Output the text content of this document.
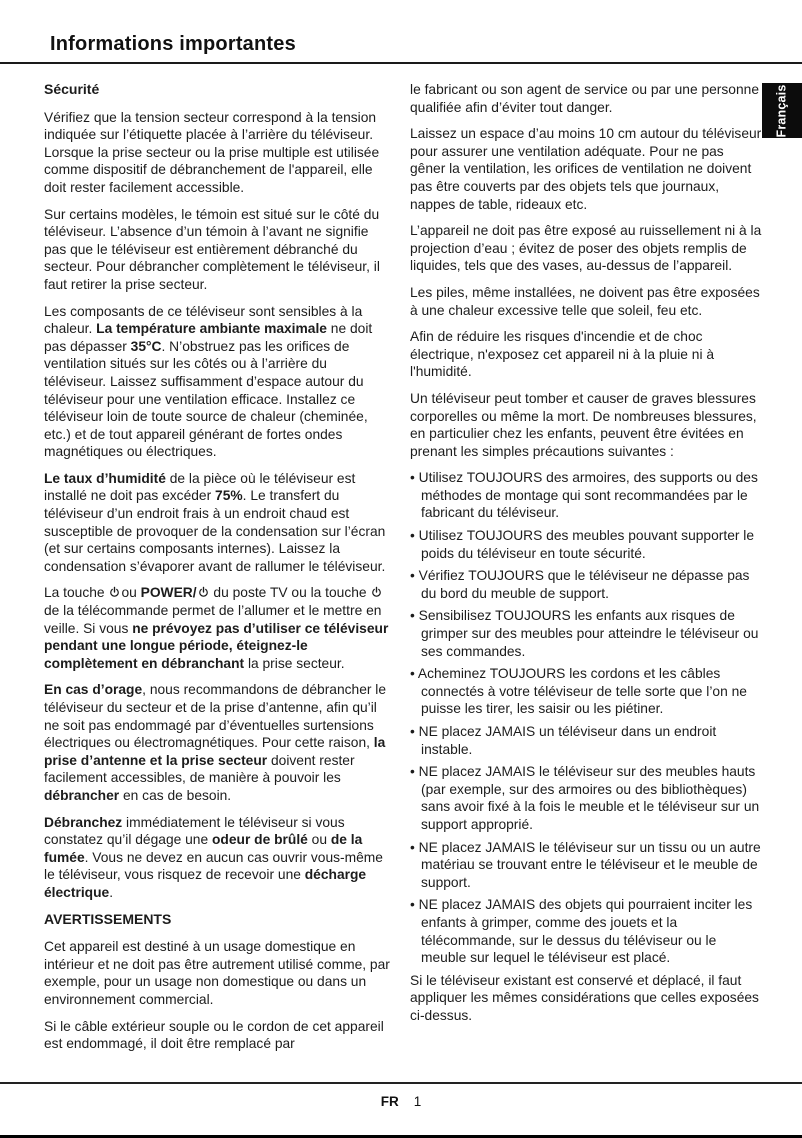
Informations importantes
Français
Sécurité
Vérifiez que la tension secteur correspond à la tension indiquée sur l’étiquette placée à l’arrière du téléviseur. Lorsque la prise secteur ou la prise multiple est utilisée comme dispositif de débranchement de l'appareil, elle doit rester facilement accessible.
Sur certains modèles, le témoin est situé sur le côté du téléviseur. L’absence d’un témoin à l’avant ne signifie pas que le téléviseur est entièrement débranché du secteur. Pour débrancher complètement le téléviseur, il faut retirer la prise secteur.
Les composants de ce téléviseur sont sensibles à la chaleur. La température ambiante maximale ne doit pas dépasser 35°C. N’obstruez pas les orifices de ventilation situés sur les côtés ou à l’arrière du téléviseur. Laissez suffisamment d’espace autour du téléviseur pour une ventilation efficace. Installez ce téléviseur loin de toute source de chaleur (cheminée, etc.) et de tout appareil générant de fortes ondes magnétiques ou électriques.
Le taux d’humidité de la pièce où le téléviseur est installé ne doit pas excéder 75%. Le transfert du téléviseur d’un endroit frais à un endroit chaud est susceptible de provoquer de la condensation sur l’écran (et sur certains composants internes). Laissez la condensation s’évaporer avant de rallumer le téléviseur.
La touche
ou POWER/
du poste TV ou la touche
de la télécommande permet de l’allumer et le mettre en veille. Si vous ne prévoyez pas d’utiliser ce téléviseur pendant une longue période, éteignez-le complètement en débranchant la prise secteur.
En cas d’orage, nous recommandons de débrancher le téléviseur du secteur et de la prise d’antenne, afin qu’il ne soit pas endommagé par d’éventuelles surtensions électriques ou électromagnétiques. Pour cette raison, la prise d’antenne et la prise secteur doivent rester facilement accessibles, de manière à pouvoir les débrancher en cas de besoin.
Débranchez immédiatement le téléviseur si vous constatez qu’il dégage une odeur de brûlé ou de la fumée. Vous ne devez en aucun cas ouvrir vous-même le téléviseur, vous risquez de recevoir une décharge électrique.
AVERTISSEMENTS
Cet appareil est destiné à un usage domestique en intérieur et ne doit pas être autrement utilisé comme, par exemple, pour un usage non domestique ou dans un environnement commercial.
Si le câble extérieur souple ou le cordon de cet appareil est endommagé, il doit être remplacé par
le fabricant ou son agent de service ou par une personne qualifiée afin d’éviter tout danger.
Laissez un espace d’au moins 10 cm autour du téléviseur pour assurer une ventilation adéquate. Pour ne pas gêner la ventilation, les orifices de ventilation ne doivent pas être couverts par des objets tels que journaux, nappes de table, rideaux etc.
L’appareil ne doit pas être exposé au ruissellement ni à la projection d’eau ; évitez de poser des objets remplis de liquides, tels que des vases, au-dessus de l’appareil.
Les piles, même installées, ne doivent pas être exposées à une chaleur excessive telle que soleil, feu etc.
Afin de réduire les risques d'incendie et de choc électrique, n'exposez cet appareil ni à la pluie ni à l'humidité.
Un téléviseur peut tomber et causer de graves blessures corporelles ou même la mort. De nombreuses blessures, en particulier chez les enfants, peuvent être évitées en prenant les simples précautions suivantes :
• Utilisez TOUJOURS des armoires, des supports ou des méthodes de montage qui sont recommandées par le fabricant du téléviseur.
• Utilisez TOUJOURS des meubles pouvant supporter le poids du téléviseur en toute sécurité.
• Vérifiez TOUJOURS que le téléviseur ne dépasse pas du bord du meuble de support.
• Sensibilisez TOUJOURS les enfants aux risques de grimper sur des meubles pour atteindre le téléviseur ou ses commandes.
• Acheminez TOUJOURS les cordons et les câbles connectés à votre téléviseur de telle sorte que l’on ne puisse les tirer, les saisir ou les piétiner.
• NE placez JAMAIS un téléviseur dans un endroit instable.
• NE placez JAMAIS le téléviseur sur des meubles hauts (par exemple, sur des armoires ou des bibliothèques) sans avoir fixé à la fois le meuble et le téléviseur sur un support approprié.
• NE placez JAMAIS le téléviseur sur un tissu ou un autre matériau se trouvant entre le téléviseur et le meuble de support.
• NE placez JAMAIS des objets qui pourraient inciter les enfants à grimper, comme des jouets et la télécommande, sur le dessus du téléviseur ou le meuble sur lequel le téléviseur est placé.
Si le téléviseur existant est conservé et déplacé, il faut appliquer les mêmes considérations que celles exposées ci-dessus.
FR 1
